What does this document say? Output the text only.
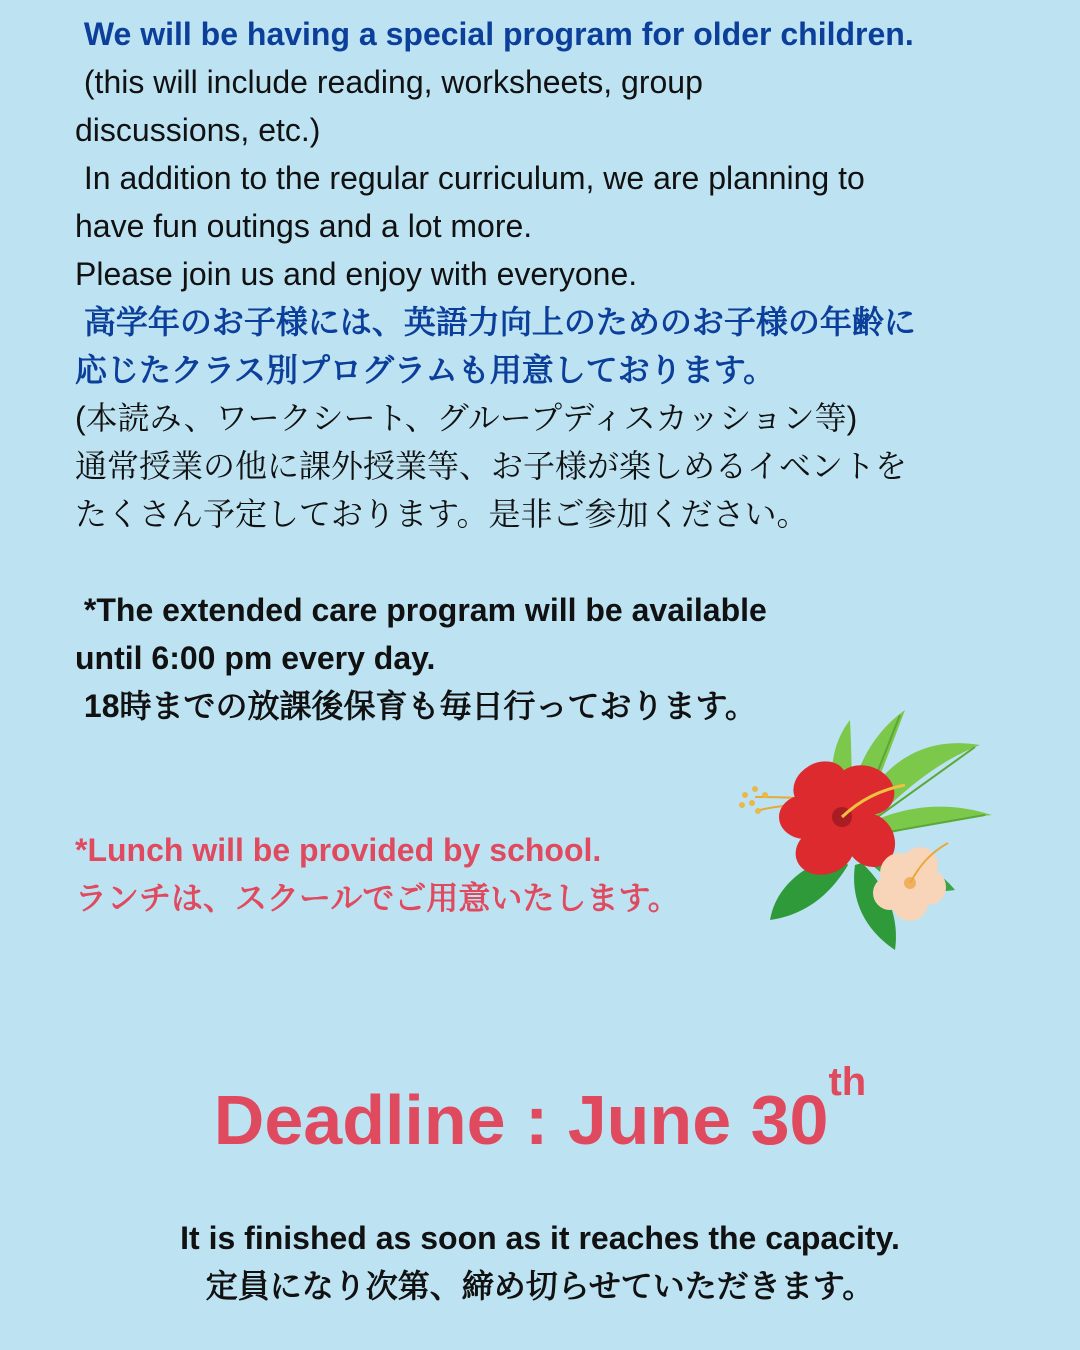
We will be having a special program for older children.
(this will include reading, worksheets, group
discussions, etc.)
In addition to the regular curriculum, we are planning to
have fun outings and a lot more.
Please join us and enjoy with everyone.
高学年のお子様には、英語力向上のためのお子様の年齢に
応じたクラス別プログラムも用意しております。
(本読み、ワークシート、グループディスカッション等)
通常授業の他に課外授業等、お子様が楽しめるイベントを
たくさん予定しております。是非ご参加ください。
*The extended care program will be available
until 6:00 pm every day.
18時までの放課後保育も毎日行っております。
*Lunch will be provided by school.
ランチは、スクールでご用意いたします。
Deadline : June 30th
It is finished as soon as it reaches the capacity.
定員になり次第、締め切らせていただきます。
